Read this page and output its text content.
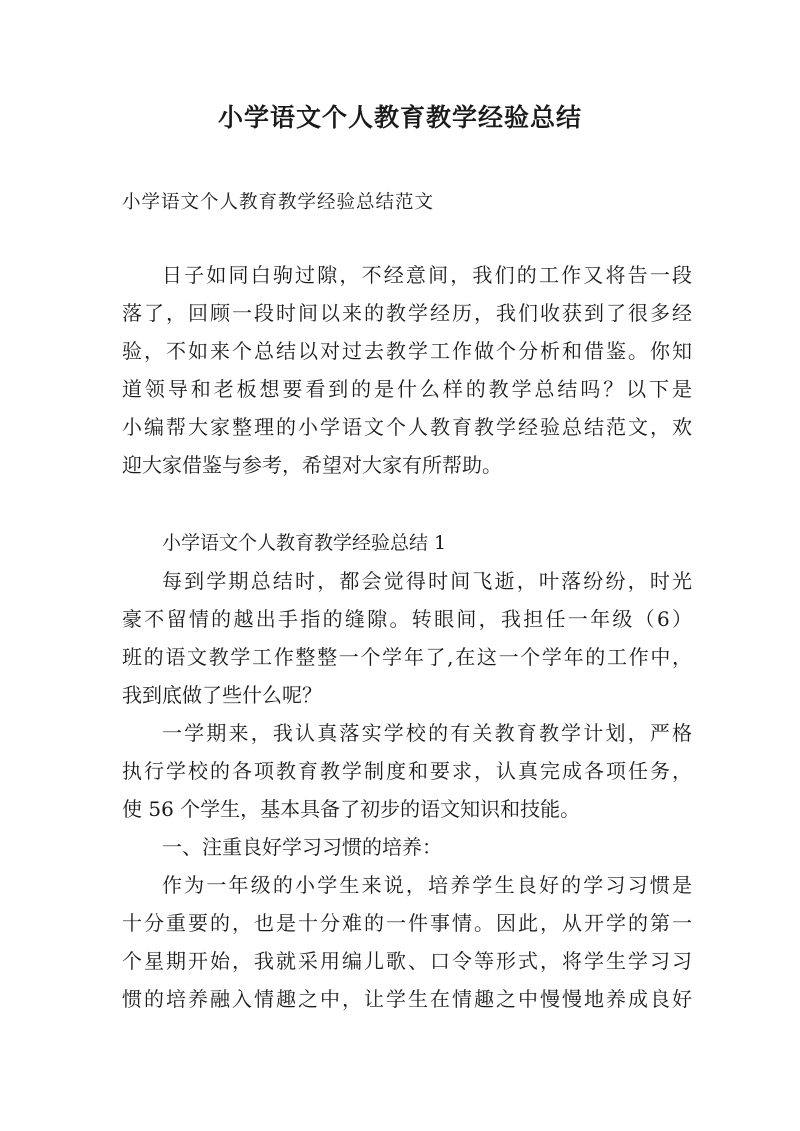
小学语文个人教育教学经验总结
小学语文个人教育教学经验总结范文
日子如同白驹过隙，不经意间，我们的工作又将告一段
落了，回顾一段时间以来的教学经历，我们收获到了很多经
验，不如来个总结以对过去教学工作做个分析和借鉴。你知
道领导和老板想要看到的是什么样的教学总结吗？以下是
小编帮大家整理的小学语文个人教育教学经验总结范文，欢
迎大家借鉴与参考，希望对大家有所帮助。
小学语文个人教育教学经验总结 1
每到学期总结时，都会觉得时间飞逝，叶落纷纷，时光
豪不留情的越出手指的缝隙。转眼间，我担任一年级（6）
班的语文教学工作整整一个学年了,在这一个学年的工作中，
我到底做了些什么呢？
一学期来，我认真落实学校的有关教育教学计划，严格
执行学校的各项教育教学制度和要求，认真完成各项任务，
使 56 个学生，基本具备了初步的语文知识和技能。
一、注重良好学习习惯的培养：
作为一年级的小学生来说，培养学生良好的学习习惯是
十分重要的，也是十分难的一件事情。因此，从开学的第一
个星期开始，我就采用编儿歌、口令等形式，将学生学习习
惯的培养融入情趣之中，让学生在情趣之中慢慢地养成良好
